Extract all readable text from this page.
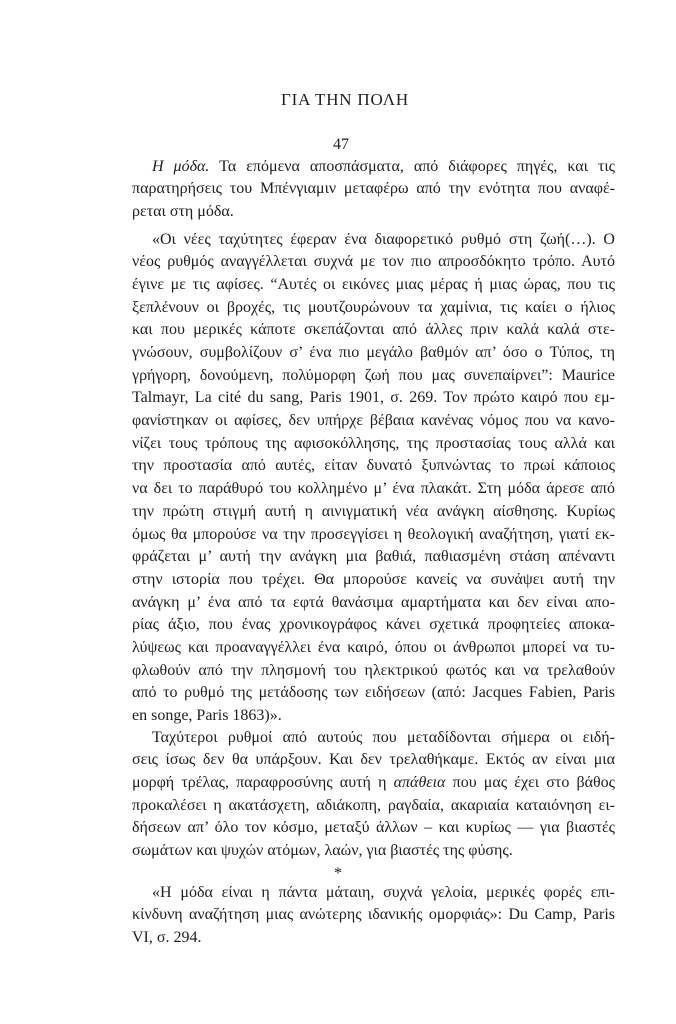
ΓΙΑ ΤΗΝ ΠΟΛΗ
47
Η μόδα. Τα επόμενα αποσπάσματα, από διάφορες πηγές, και τις
παρατηρήσεις του Μπένγιαμιν μεταφέρω από την ενότητα που αναφέ-
ρεται στη μόδα.
«Οι νέες ταχύτητες έφεραν ένα διαφορετικό ρυθμό στη ζωή(…). Ο
νέος ρυθμός αναγγέλλεται συχνά με τον πιο απροσδόκητο τρόπο. Αυτό
έγινε με τις αφίσες. “Αυτές οι εικόνες μιας μέρας ή μιας ώρας, που τις
ξεπλένουν οι βροχές, τις μουτζουρώνουν τα χαμίνια, τις καίει ο ήλιος
και που μερικές κάποτε σκεπάζονται από άλλες πριν καλά καλά στε-
γνώσουν, συμβολίζουν σ’ ένα πιο μεγάλο βαθμόν απ’ όσο ο Τύπος, τη
γρήγορη, δονούμενη, πολύμορφη ζωή που μας συνεπαίρνει”: Maurice
Talmayr, La cité du sang, Paris 1901, σ. 269. Τον πρώτο καιρό που εμ-
φανίστηκαν οι αφίσες, δεν υπήρχε βέβαια κανένας νόμος που να κανο-
νίζει τους τρόπους της αφισοκόλλησης, της προστασίας τους αλλά και
την προστασία από αυτές, είταν δυνατό ξυπνώντας το πρωί κάποιος
να δει το παράθυρό του κολλημένο μ’ ένα πλακάτ. Στη μόδα άρεσε από
την πρώτη στιγμή αυτή η αινιγματική νέα ανάγκη αίσθησης. Κυρίως
όμως θα μπορούσε να την προσεγγίσει η θεολογική αναζήτηση, γιατί εκ-
φράζεται μ’ αυτή την ανάγκη μια βαθιά, παθιασμένη στάση απέναντι
στην ιστορία που τρέχει. Θα μπορούσε κανείς να συνάψει αυτή την
ανάγκη μ’ ένα από τα εφτά θανάσιμα αμαρτήματα και δεν είναι απο-
ρίας άξιο, που ένας χρονικογράφος κάνει σχετικά προφητείες αποκα-
λύψεως και προαναγγέλλει ένα καιρό, όπου οι άνθρωποι μπορεί να τυ-
φλωθούν από την πλησμονή του ηλεκτρικού φωτός και να τρελαθούν
από το ρυθμό της μετάδοσης των ειδήσεων (από: Jacques Fabien, Paris
en songe, Paris 1863)».
Ταχύτεροι ρυθμοί από αυτούς που μεταδίδονται σήμερα οι ειδή-
σεις ίσως δεν θα υπάρξουν. Και δεν τρελαθήκαμε. Εκτός αν είναι μια
μορφή τρέλας, παραφροσύνης αυτή η απάθεια που μας έχει στο βάθος
προκαλέσει η ακατάσχετη, αδιάκοπη, ραγδαία, ακαριαία καταιόνηση ει-
δήσεων απ’ όλο τον κόσμο, μεταξύ άλλων – και κυρίως — για βιαστές
σωμάτων και ψυχών ατόμων, λαών, για βιαστές της φύσης.
*
«Η μόδα είναι η πάντα μάταιη, συχνά γελοία, μερικές φορές επι-
κίνδυνη αναζήτηση μιας ανώτερης ιδανικής ομορφιάς»: Du Camp, Paris
VI, σ. 294.
